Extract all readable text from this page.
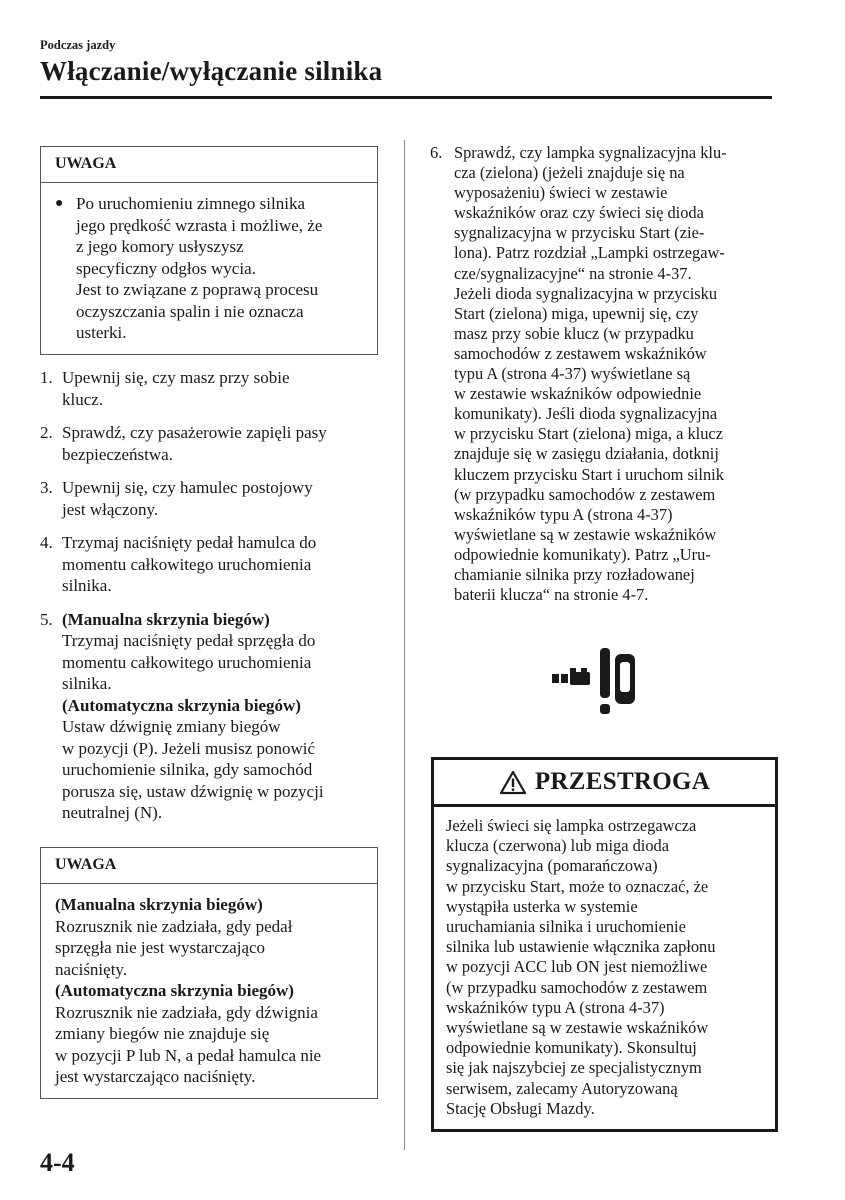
Podczas jazdy
Włączanie/wyłączanie silnika
UWAGA
● Po uruchomieniu zimnego silnika
jego prędkość wzrasta i możliwe, że
z jego komory usłyszysz
specyficzny odgłos wycia.
Jest to związane z poprawą procesu
oczyszczania spalin i nie oznacza
usterki.
1. Upewnij się, czy masz przy sobie
klucz.
2. Sprawdź, czy pasażerowie zapięli pasy
bezpieczeństwa.
3. Upewnij się, czy hamulec postojowy
jest włączony.
4. Trzymaj naciśnięty pedał hamulca do
momentu całkowitego uruchomienia
silnika.
5. (Manualna skrzynia biegów)
Trzymaj naciśnięty pedał sprzęgła do
momentu całkowitego uruchomienia
silnika.
(Automatyczna skrzynia biegów)
Ustaw dźwignię zmiany biegów
w pozycji (P). Jeżeli musisz ponowić
uruchomienie silnika, gdy samochód
porusza się, ustaw dźwignię w pozycji
neutralnej (N).
UWAGA
(Manualna skrzynia biegów)
Rozrusznik nie zadziała, gdy pedał
sprzęgła nie jest wystarczająco
naciśnięty.
(Automatyczna skrzynia biegów)
Rozrusznik nie zadziała, gdy dźwignia
zmiany biegów nie znajduje się
w pozycji P lub N, a pedał hamulca nie
jest wystarczająco naciśnięty.
6. Sprawdź, czy lampka sygnalizacyjna klu-
cza (zielona) (jeżeli znajduje się na
wyposażeniu) świeci w zestawie
wskaźników oraz czy świeci się dioda
sygnalizacyjna w przycisku Start (zie-
lona). Patrz rozdział „Lampki ostrzegaw-
cze/sygnalizacyjne“ na stronie 4-37.
Jeżeli dioda sygnalizacyjna w przycisku
Start (zielona) miga, upewnij się, czy
masz przy sobie klucz (w przypadku
samochodów z zestawem wskaźników
typu A (strona 4-37) wyświetlane są
w zestawie wskaźników odpowiednie
komunikaty). Jeśli dioda sygnalizacyjna
w przycisku Start (zielona) miga, a klucz
znajduje się w zasięgu działania, dotknij
kluczem przycisku Start i uruchom silnik
(w przypadku samochodów z zestawem
wskaźników typu A (strona 4-37)
wyświetlane są w zestawie wskaźników
odpowiednie komunikaty). Patrz „Uru-
chamianie silnika przy rozładowanej
baterii klucza“ na stronie 4-7.
PRZESTROGA
Jeżeli świeci się lampka ostrzegawcza
klucza (czerwona) lub miga dioda
sygnalizacyjna (pomarańczowa)
w przycisku Start, może to oznaczać, że
wystąpiła usterka w systemie
uruchamiania silnika i uruchomienie
silnika lub ustawienie włącznika zapłonu
w pozycji ACC lub ON jest niemożliwe
(w przypadku samochodów z zestawem
wskaźników typu A (strona 4-37)
wyświetlane są w zestawie wskaźników
odpowiednie komunikaty). Skonsultuj
się jak najszybciej ze specjalistycznym
serwisem, zalecamy Autoryzowaną
Stację Obsługi Mazdy.
4-4
